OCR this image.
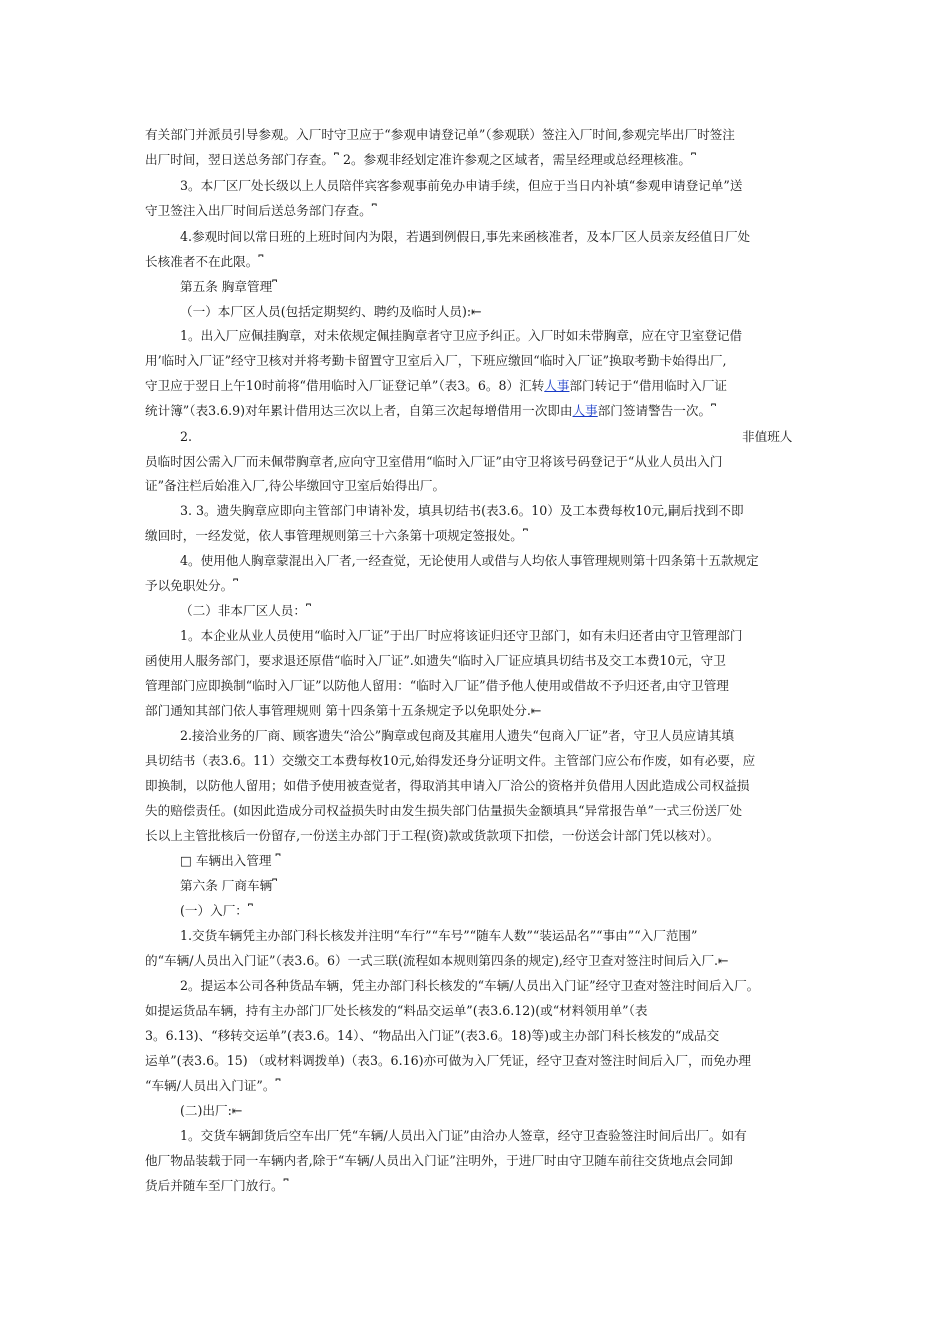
有关部门并派员引导参观。入厂时守卫应于“参观申请登记单”（参观联）签注入厂时间,参观完毕出厂时签注
出厂时间，翌日送总务部门存查。⎴ 2。参观非经划定准许参观之区域者，需呈经理或总经理核准。⎴
3。本厂区厂处长级以上人员陪伴宾客参观事前免办申请手续，但应于当日内补填“参观申请登记单”送
守卫签注入出厂时间后送总务部门存查。⎴
4.参观时间以常日班的上班时间内为限，若遇到例假日,事先来函核准者，及本厂区人员亲友经值日厂处
长核准者不在此限。⎴
第五条 胸章管理⎴
（一）本厂区人员(包括定期契约、聘约及临时人员):⇤
1。出入厂应佩挂胸章，对未依规定佩挂胸章者守卫应予纠正。入厂时如未带胸章，应在守卫室登记借
用’临时入厂证”经守卫核对并将考勤卡留置守卫室后入厂，下班应缴回“临时入厂证”换取考勤卡始得出厂,
守卫应于翌日上午10时前将“借用临时入厂证登记单”（表3。6。8）汇转人事部门转记于“借用临时入厂证
统计簿”（表3.6.9)对年累计借用达三次以上者，自第三次起每增借用一次即由人事部门签请警告一次。⎴
2.	非值班人
员临时因公需入厂而未佩带胸章者,应向守卫室借用“临时入厂证”由守卫将该号码登记于“从业人员出入门
证”备注栏后始准入厂,待公毕缴回守卫室后始得出厂。
3. 3。遗失胸章应即向主管部门申请补发，填具切结书(表3.6。10）及工本费每枚10元,嗣后找到不即
缴回时，一经发觉，依人事管理规则第三十六条第十项规定签报处。⎴
4。使用他人胸章蒙混出入厂者,一经查觉，无论使用人或借与人均依人事管理规则第十四条第十五款规定
予以免职处分。⎴
（二）非本厂区人员：⎴
1。本企业从业人员使用“临时入厂证”于出厂时应将该证归还守卫部门，如有未归还者由守卫管理部门
函使用人服务部门，要求退还原借“临时入厂证”.如遗失“临时入厂证应填具切结书及交工本费10元，守卫
管理部门应即换制“临时入厂证”以防他人留用：“临时入厂证”借予他人使用或借故不予归还者,由守卫管理
部门通知其部门依人事管理规则 第十四条第十五条规定予以免职处分.⇤
2.接洽业务的厂商、顾客遗失“洽公”胸章或包商及其雇用人遗失“包商入厂证”者，守卫人员应请其填
具切结书（表3.6。11）交缴交工本费每枚10元,始得发还身分证明文件。主管部门应公布作废，如有必要，应
即换制，以防他人留用；如借予使用被查觉者，得取消其申请入厂洽公的资格并负借用人因此造成公司权益损
失的赔偿责任。(如因此造成分司权益损失时由发生损失部门估量损失金额填具“异常报告单”一式三份送厂处
长以上主管批核后一份留存,一份送主办部门于工程(资)款或货款项下扣偿，一份送会计部门凭以核对）。
□ 车辆出入管理 ⎴
第六条 厂商车辆⎴
(一）入厂：⎴
1.交货车辆凭主办部门科长核发并注明“车行”“车号”“随车人数”“装运品名”“事由”“入厂范围”
的“车辆/人员出入门证”（表3.6。6）一式三联(流程如本规则第四条的规定),经守卫查对签注时间后入厂.⇤
2。提运本公司各种货品车辆，凭主办部门科长核发的“车辆/人员出入门证”经守卫查对签注时间后入厂。
如提运货品车辆，持有主办部门厂处长核发的“料品交运单”(表3.6.12)(或“材料领用单”（表
3。6.13)、“移转交运单”(表3.6。14）、“物品出入门证”(表3.6。18)等)或主办部门科长核发的“成品交
运单”(表3.6。15) （或材料调拨单)（表3。6.16)亦可做为入厂凭证，经守卫查对签注时间后入厂，而免办理
“车辆/人员出入门证”。⎴
(二)出厂:⇤
1。交货车辆卸货后空车出厂凭“车辆/人员出入门证”由洽办人签章，经守卫查验签注时间后出厂。如有
他厂物品装载于同一车辆内者,除于“车辆/人员出入门证”注明外，于进厂时由守卫随车前往交货地点会同卸
货后并随车至厂门放行。⎴
